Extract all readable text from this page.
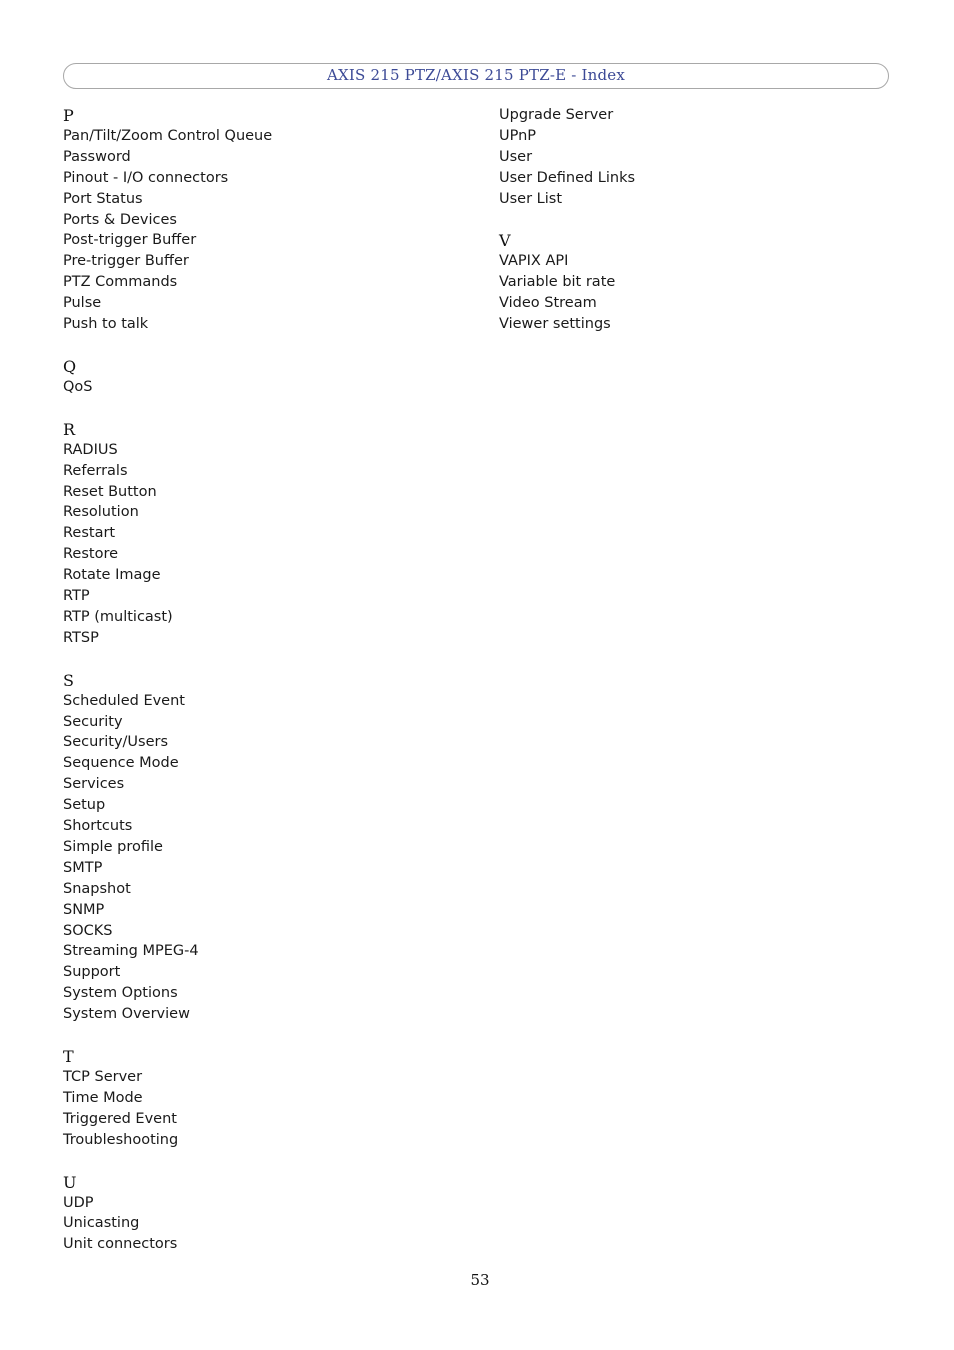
AXIS 215 PTZ/AXIS 215 PTZ-E - Index
P
Pan/Tilt/Zoom Control Queue
Password
Pinout - I/O connectors
Port Status
Ports & Devices
Post-trigger Buffer
Pre-trigger Buffer
PTZ Commands
Pulse
Push to talk
Q
QoS
R
RADIUS
Referrals
Reset Button
Resolution
Restart
Restore
Rotate Image
RTP
RTP (multicast)
RTSP
S
Scheduled Event
Security
Security/Users
Sequence Mode
Services
Setup
Shortcuts
Simple profile
SMTP
Snapshot
SNMP
SOCKS
Streaming MPEG-4
Support
System Options
System Overview
T
TCP Server
Time Mode
Triggered Event
Troubleshooting
U
UDP
Unicasting
Unit connectors
Upgrade Server
UPnP
User
User Defined Links
User List
V
VAPIX API
Variable bit rate
Video Stream
Viewer settings
53
